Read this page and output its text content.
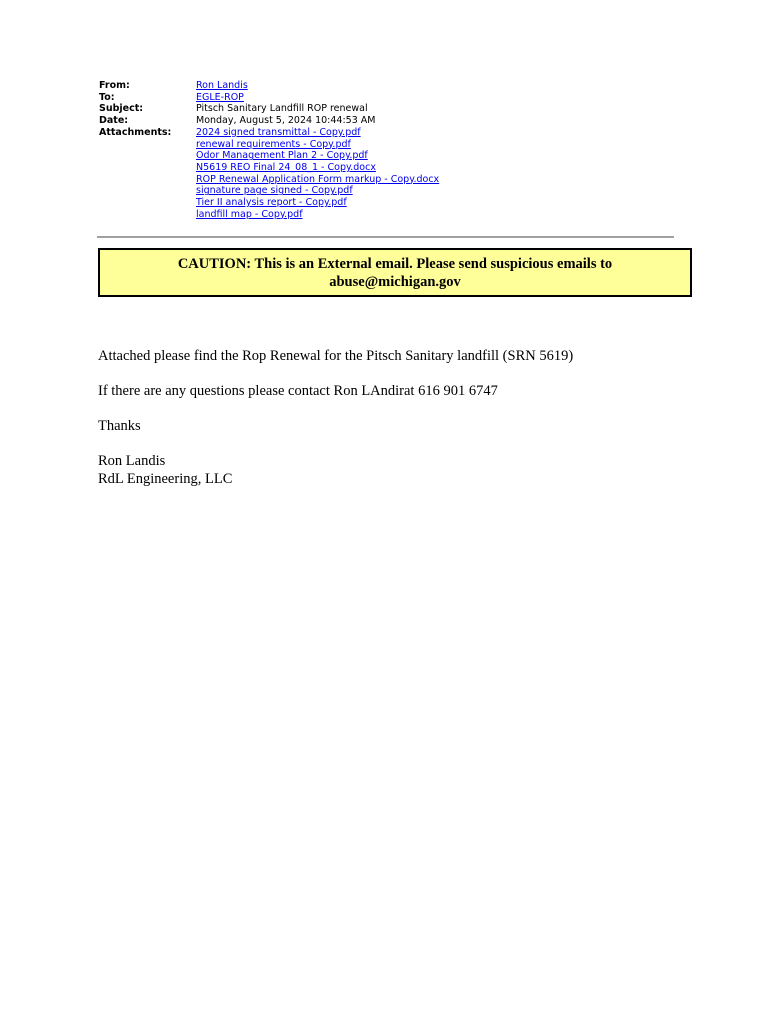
From:	Ron Landis
To:	EGLE-ROP
Subject:	Pitsch Sanitary Landfill ROP renewal
Date:	Monday, August 5, 2024 10:44:53 AM
Attachments:	2024 signed transmittal - Copy.pdf
renewal requirements - Copy.pdf
Odor Management Plan 2 - Copy.pdf
N5619 REO Final 24_08_1 - Copy.docx
ROP Renewal Application Form markup - Copy.docx
signature page signed - Copy.pdf
Tier II analysis report - Copy.pdf
landfill map - Copy.pdf
CAUTION: This is an External email. Please send suspicious emails to abuse@michigan.gov

Attached please find the Rop Renewal for the Pitsch Sanitary landfill (SRN 5619)

If there are any questions please contact Ron LAndirat 616 901 6747

Thanks

Ron Landis
RdL Engineering, LLC
